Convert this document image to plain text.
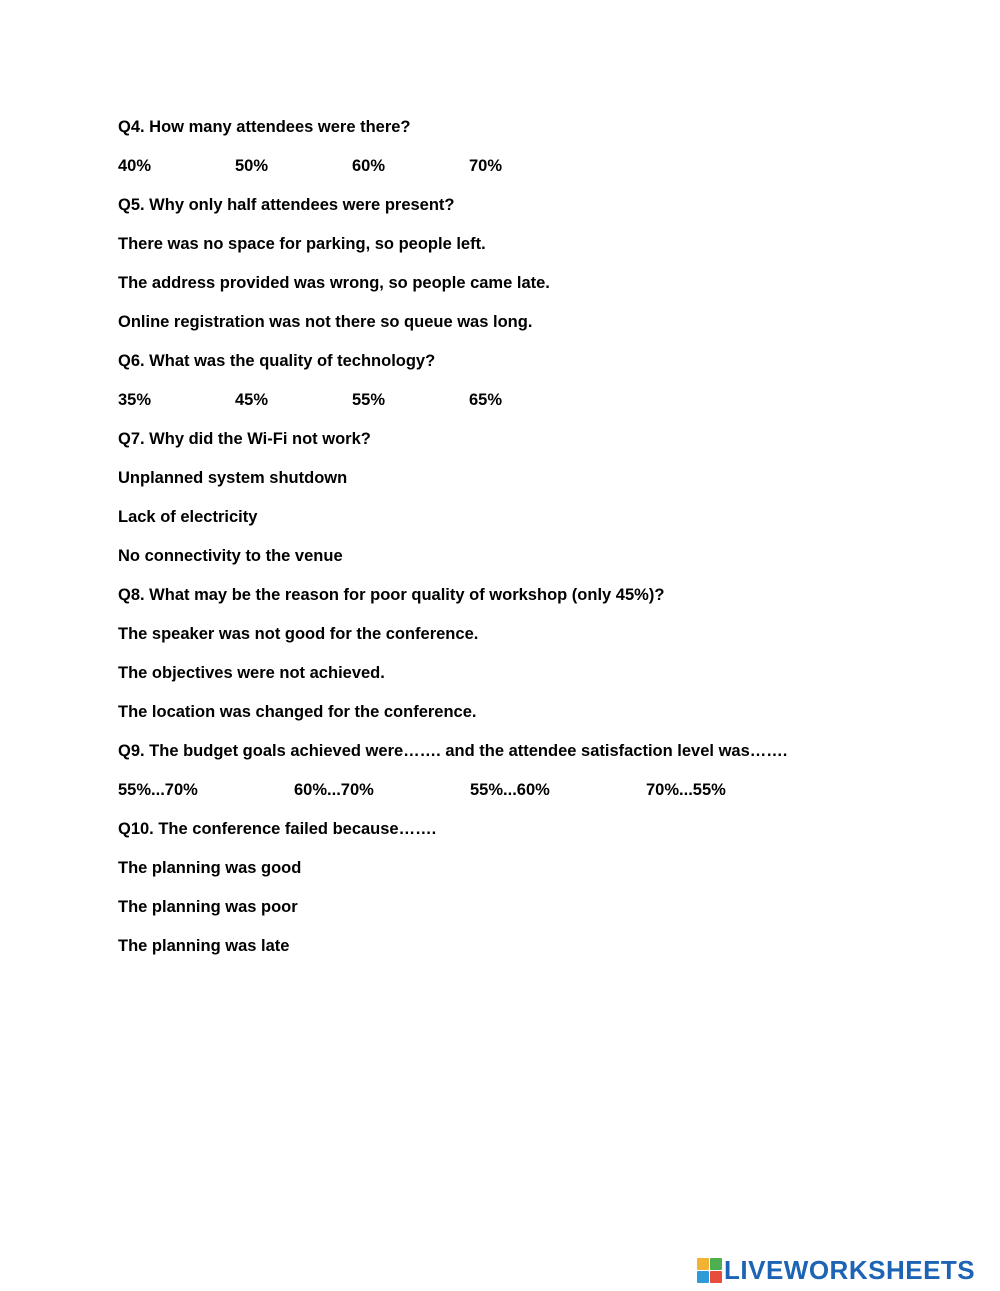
Q4. How many attendees were there?
40%	50%	60%	70%
Q5. Why only half attendees were present?
There was no space for parking, so people left.
The address provided was wrong, so people came late.
Online registration was not there so queue was long.
Q6. What was the quality of technology?
35%	45%	55%	65%
Q7. Why did the Wi-Fi not work?
Unplanned system shutdown
Lack of electricity
No connectivity to the venue
Q8. What may be the reason for poor quality of workshop (only 45%)?
The speaker was not good for the conference.
The objectives were not achieved.
The location was changed for the conference.
Q9. The budget goals achieved were……. and the attendee satisfaction level was…….
55%...70%	60%...70%	55%...60%	70%...55%
Q10. The conference failed because…….
The planning was good
The planning was poor
The planning was late
LIVEWORKSHEETS
